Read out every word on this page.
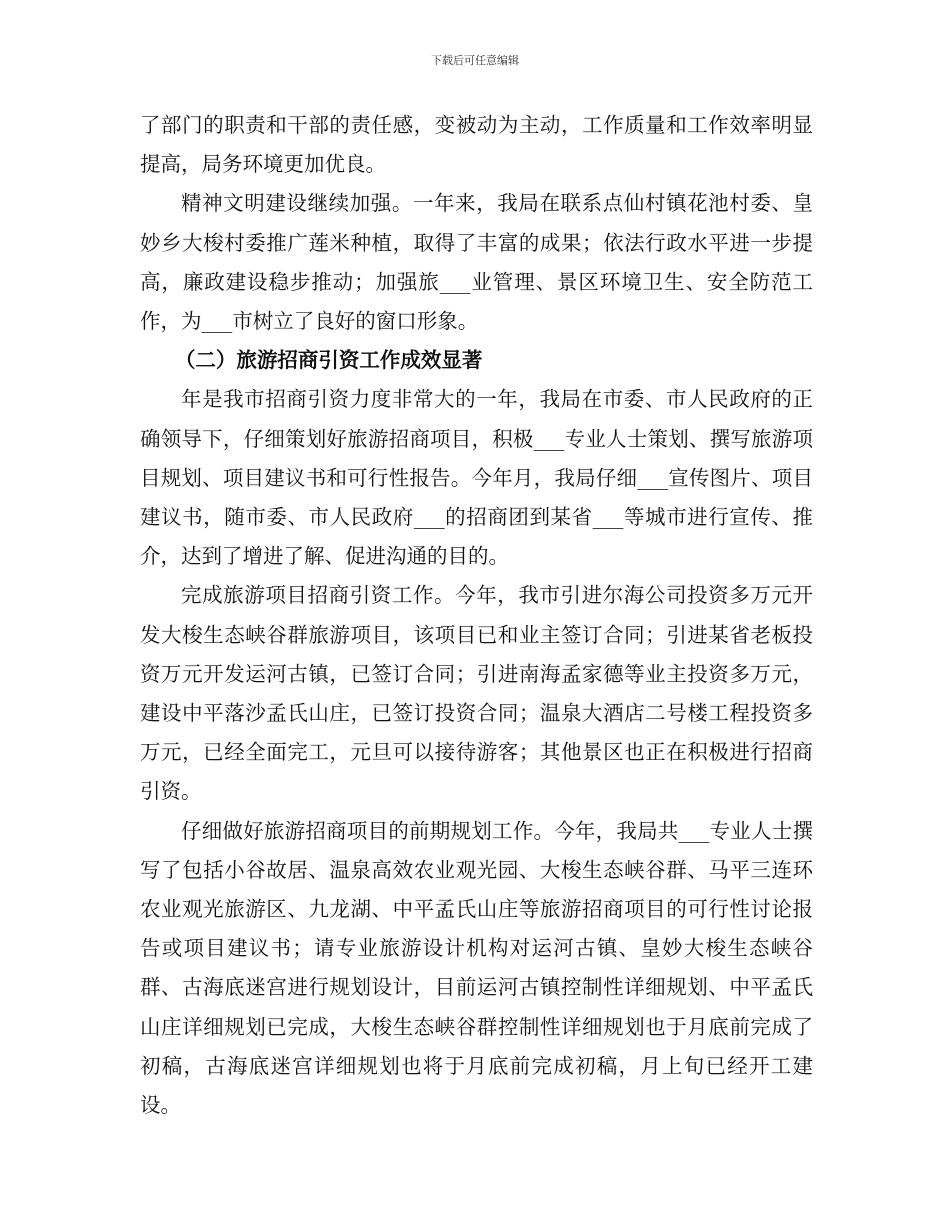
下载后可任意编辑

了部门的职责和干部的责任感，变被动为主动，工作质量和工作效率明显提高，局务环境更加优良。

精神文明建设继续加强。一年来，我局在联系点仙村镇花池村委、皇妙乡大梭村委推广莲米种植，取得了丰富的成果；依法行政水平进一步提高，廉政建设稳步推动；加强旅___业管理、景区环境卫生、安全防范工作，为___市树立了良好的窗口形象。

（二）旅游招商引资工作成效显著

年是我市招商引资力度非常大的一年，我局在市委、市人民政府的正确领导下，仔细策划好旅游招商项目，积极___专业人士策划、撰写旅游项目规划、项目建议书和可行性报告。今年月，我局仔细___宣传图片、项目建议书，随市委、市人民政府___的招商团到某省___等城市进行宣传、推介，达到了增进了解、促进沟通的目的。

完成旅游项目招商引资工作。今年，我市引进尔海公司投资多万元开发大梭生态峡谷群旅游项目，该项目已和业主签订合同；引进某省老板投资万元开发运河古镇，已签订合同；引进南海孟家德等业主投资多万元，建设中平落沙孟氏山庄，已签订投资合同；温泉大酒店二号楼工程投资多万元，已经全面完工，元旦可以接待游客；其他景区也正在积极进行招商引资。

仔细做好旅游招商项目的前期规划工作。今年，我局共___专业人士撰写了包括小谷故居、温泉高效农业观光园、大梭生态峡谷群、马平三连环农业观光旅游区、九龙湖、中平孟氏山庄等旅游招商项目的可行性讨论报告或项目建议书；请专业旅游设计机构对运河古镇、皇妙大梭生态峡谷群、古海底迷宫进行规划设计，目前运河古镇控制性详细规划、中平孟氏山庄详细规划已完成，大梭生态峡谷群控制性详细规划也于月底前完成了初稿，古海底迷宫详细规划也将于月底前完成初稿，月上旬已经开工建设。
